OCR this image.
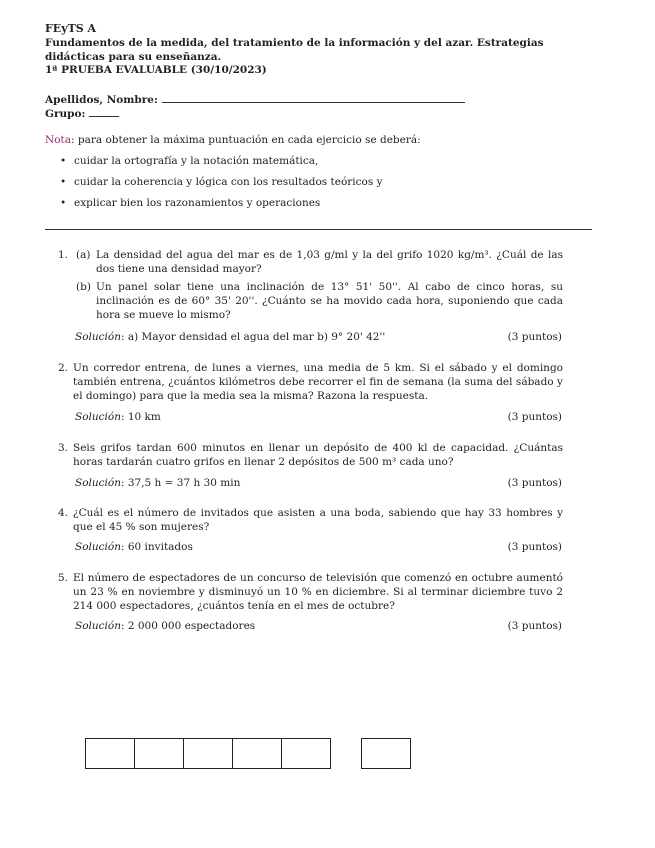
FEyTS A
Fundamentos de la medida, del tratamiento de la información y del azar. Estrategias didácticas para su enseñanza.
1ª PRUEBA EVALUABLE (30/10/2023)
Apellidos, Nombre:
Grupo:
Nota: para obtener la máxima puntuación en cada ejercicio se deberá:
• cuidar la ortografía y la notación matemática,
• cuidar la coherencia y lógica con los resultados teóricos y
• explicar bien los razonamientos y operaciones
1. (a) La densidad del agua del mar es de 1,03 g/ml y la del grifo 1020 kg/m³. ¿Cuál de las dos tiene una densidad mayor?
(b) Un panel solar tiene una inclinación de 13° 51' 50''. Al cabo de cinco horas, su inclinación es de 60° 35' 20''. ¿Cuánto se ha movido cada hora, suponiendo que cada hora se mueve lo mismo?
Solución: a) Mayor densidad el agua del mar b) 9° 20' 42''	(3 puntos)
2. Un corredor entrena, de lunes a viernes, una media de 5 km. Si el sábado y el domingo también entrena, ¿cuántos kilómetros debe recorrer el fin de semana (la suma del sábado y el domingo) para que la media sea la misma? Razona la respuesta.
Solución: 10 km	(3 puntos)
3. Seis grifos tardan 600 minutos en llenar un depósito de 400 kl de capacidad. ¿Cuántas horas tardarán cuatro grifos en llenar 2 depósitos de 500 m³ cada uno?
Solución: 37,5 h = 37 h 30 min	(3 puntos)
4. ¿Cuál es el número de invitados que asisten a una boda, sabiendo que hay 33 hombres y que el 45 % son mujeres?
Solución: 60 invitados	(3 puntos)
5. El número de espectadores de un concurso de televisión que comenzó en octubre aumentó un 23 % en noviembre y disminuyó un 10 % en diciembre. Si al terminar diciembre tuvo 2 214 000 espectadores, ¿cuántos tenía en el mes de octubre?
Solución: 2 000 000 espectadores	(3 puntos)
